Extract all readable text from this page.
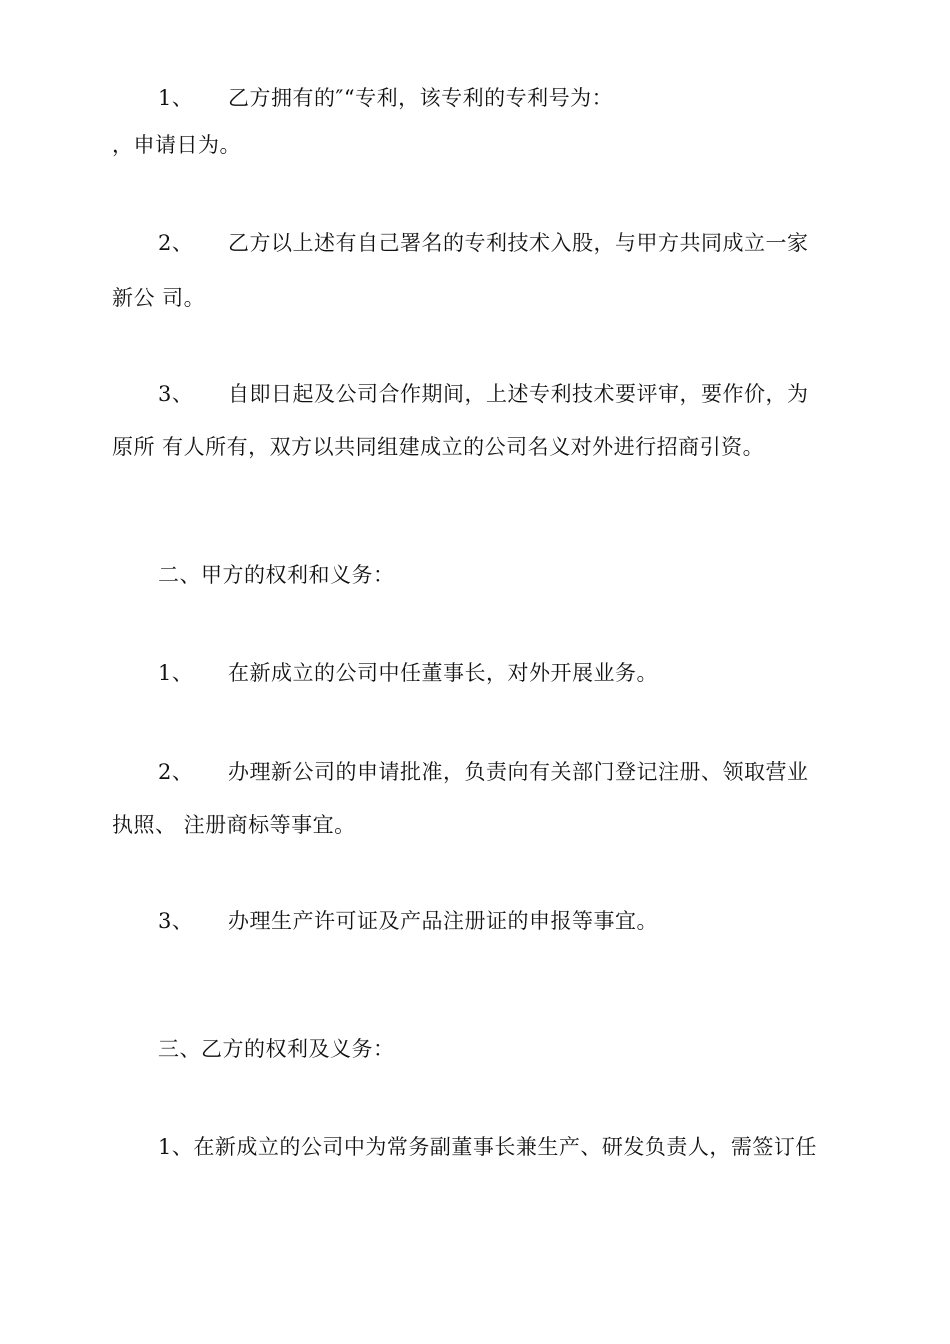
1、 乙方拥有的″“专利，该专利的专利号为：
，申请日为。
2、 乙方以上述有自己署名的专利技术入股，与甲方共同成立一家
新公 司。
3、 自即日起及公司合作期间，上述专利技术要评审，要作价，为
原所 有人所有，双方以共同组建成立的公司名义对外进行招商引资。
二、甲方的权利和义务：
1、 在新成立的公司中任董事长，对外开展业务。
2、 办理新公司的申请批准，负责向有关部门登记注册、领取营业
执照、 注册商标等事宜。
3、 办理生产许可证及产品注册证的申报等事宜。
三、乙方的权利及义务：
1、在新成立的公司中为常务副董事长兼生产、研发负责人，需签订任
